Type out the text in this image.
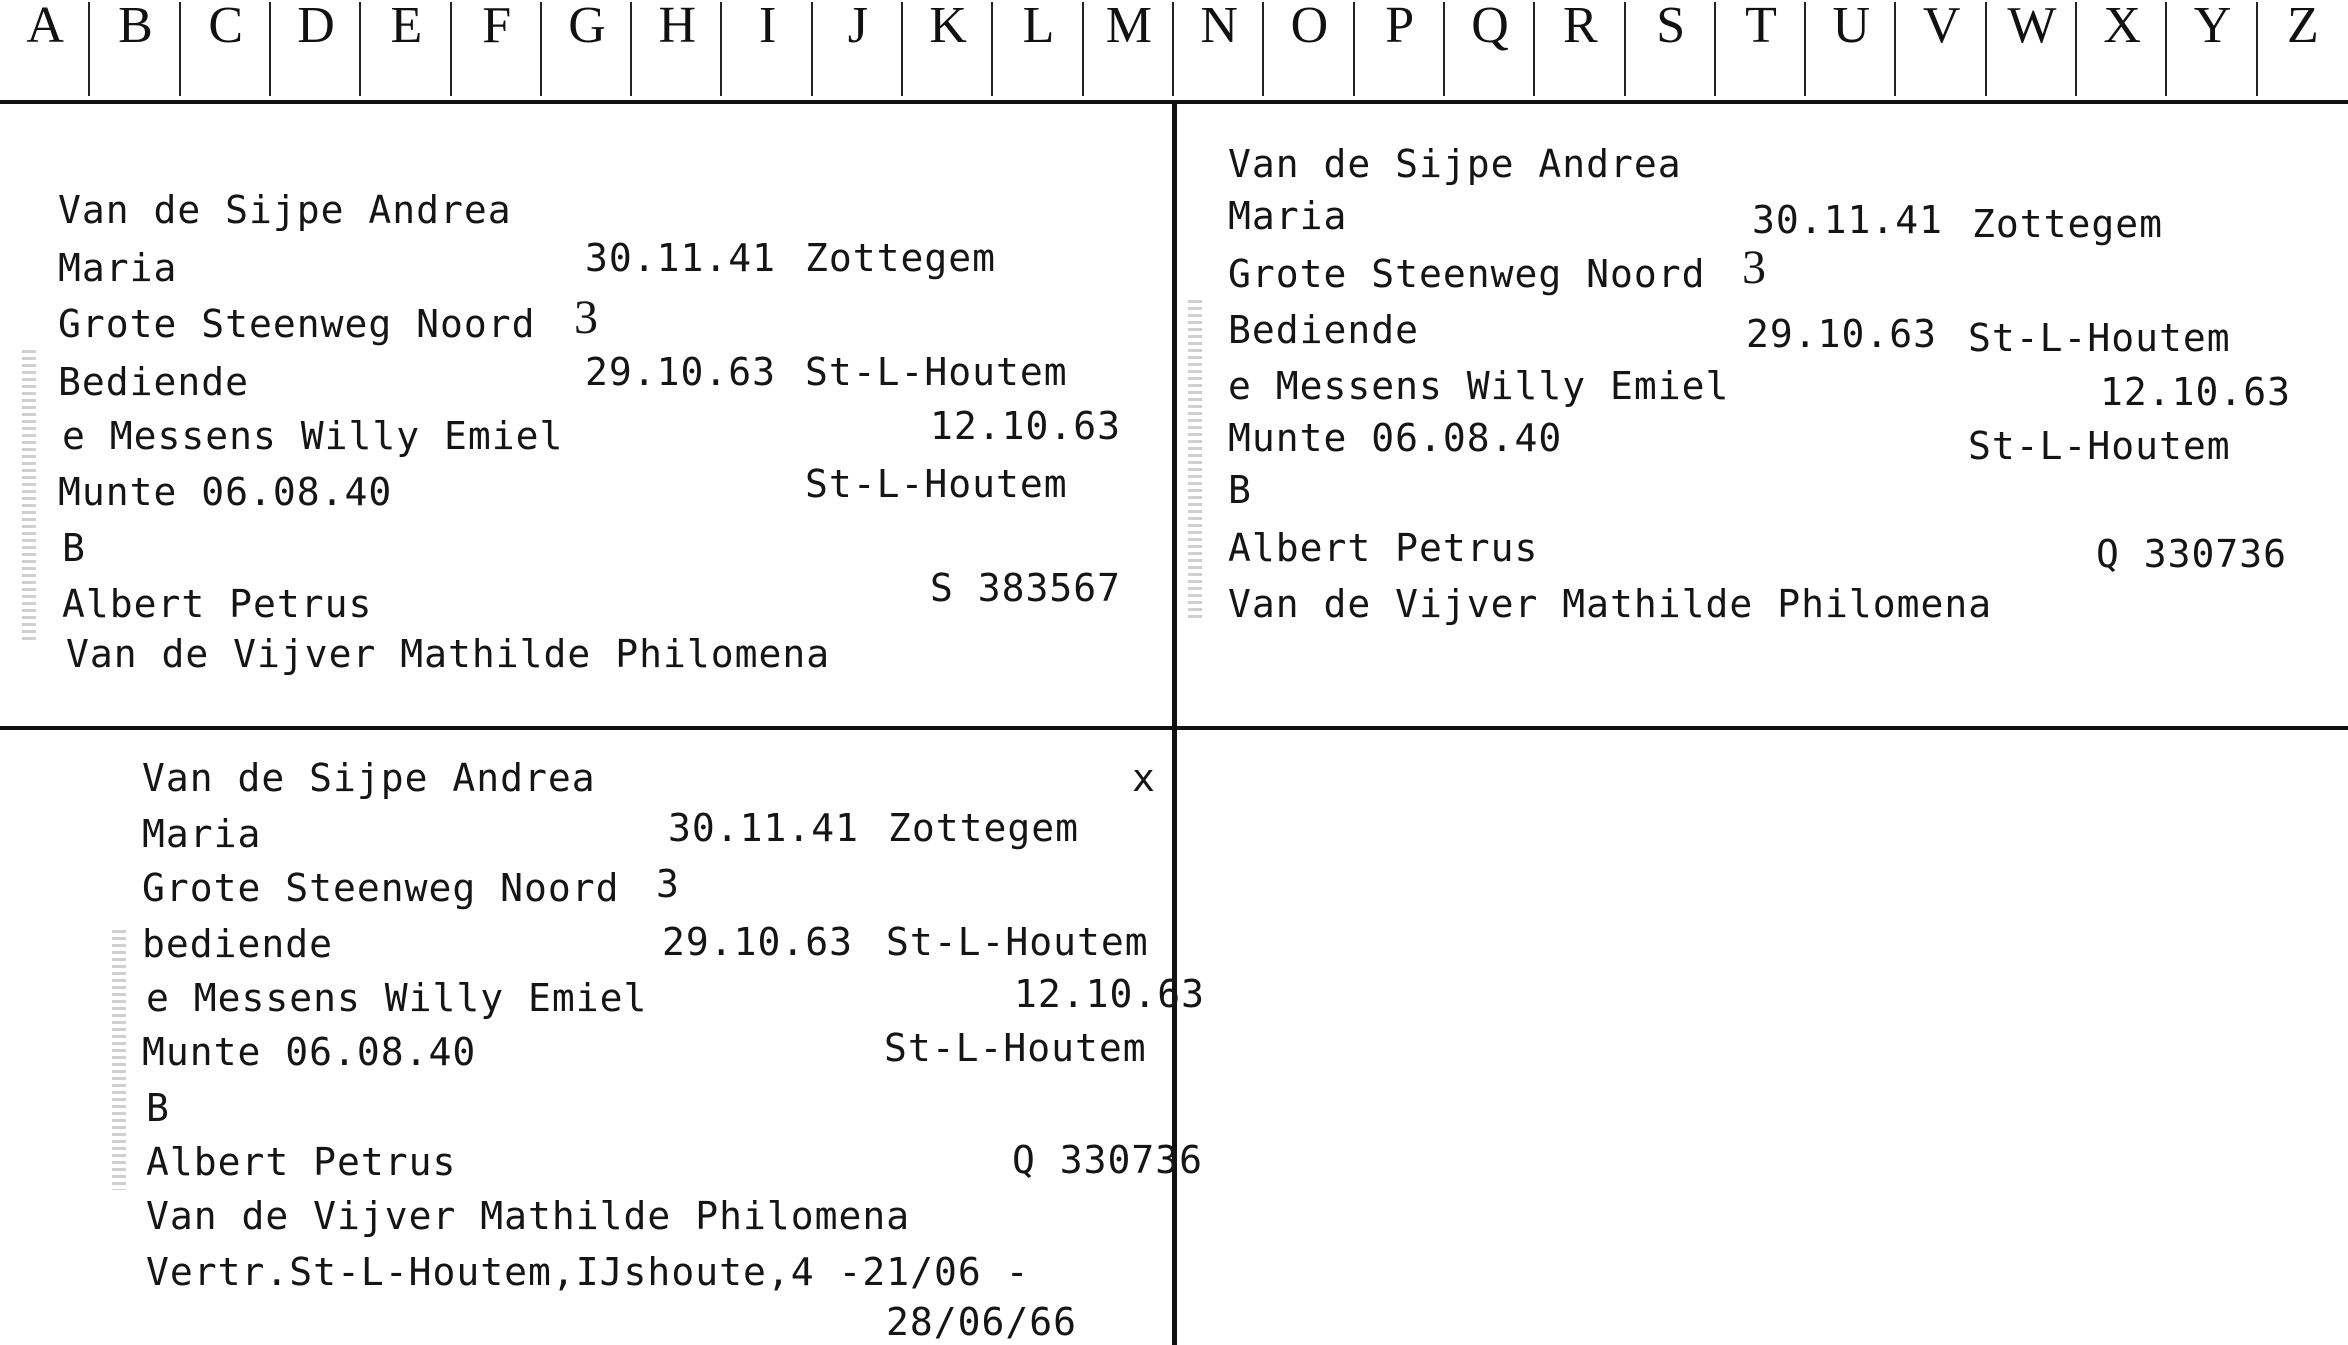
A	B	C	D	E	F	G	H	I	J	K	L M N	O	P	Q	R	S	T	U	V W X	Y	Z
Van de Sijpe Andrea
Maria	30.11.41 Zottegem
Grote Steenweg Noord 3
Bediende	29.10.63 St-L-Houtem
e Messens Willy Emiel	12.10.63
Munte 06.08.40	St-L-Houtem
B
Albert Petrus	S 383567
Van de Vijver Mathilde Philomena
Van de Sijpe Andrea
Maria	30.11.41 Zottegem
Grote Steenweg Noord 3
Bediende	29.10.63 St-L-Houtem
e Messens Willy Emiel	12.10.63
Munte 06.08.40	St-L-Houtem
B
Albert Petrus	Q 330736
Van de Vijver Mathilde Philomena
Van de Sijpe Andrea	x
Maria	30.11.41 Zottegem
Grote Steenweg Noord 3
bediende	29.10.63 St-L-Houtem
e Messens Willy Emiel	12.10.63
Munte 06.08.40	St-L-Houtem
B
Albert Petrus	Q 330736
Van de Vijver Mathilde Philomena
Vertr.St-L-Houtem,IJshoute,4 -21/06 -
28/06/66
